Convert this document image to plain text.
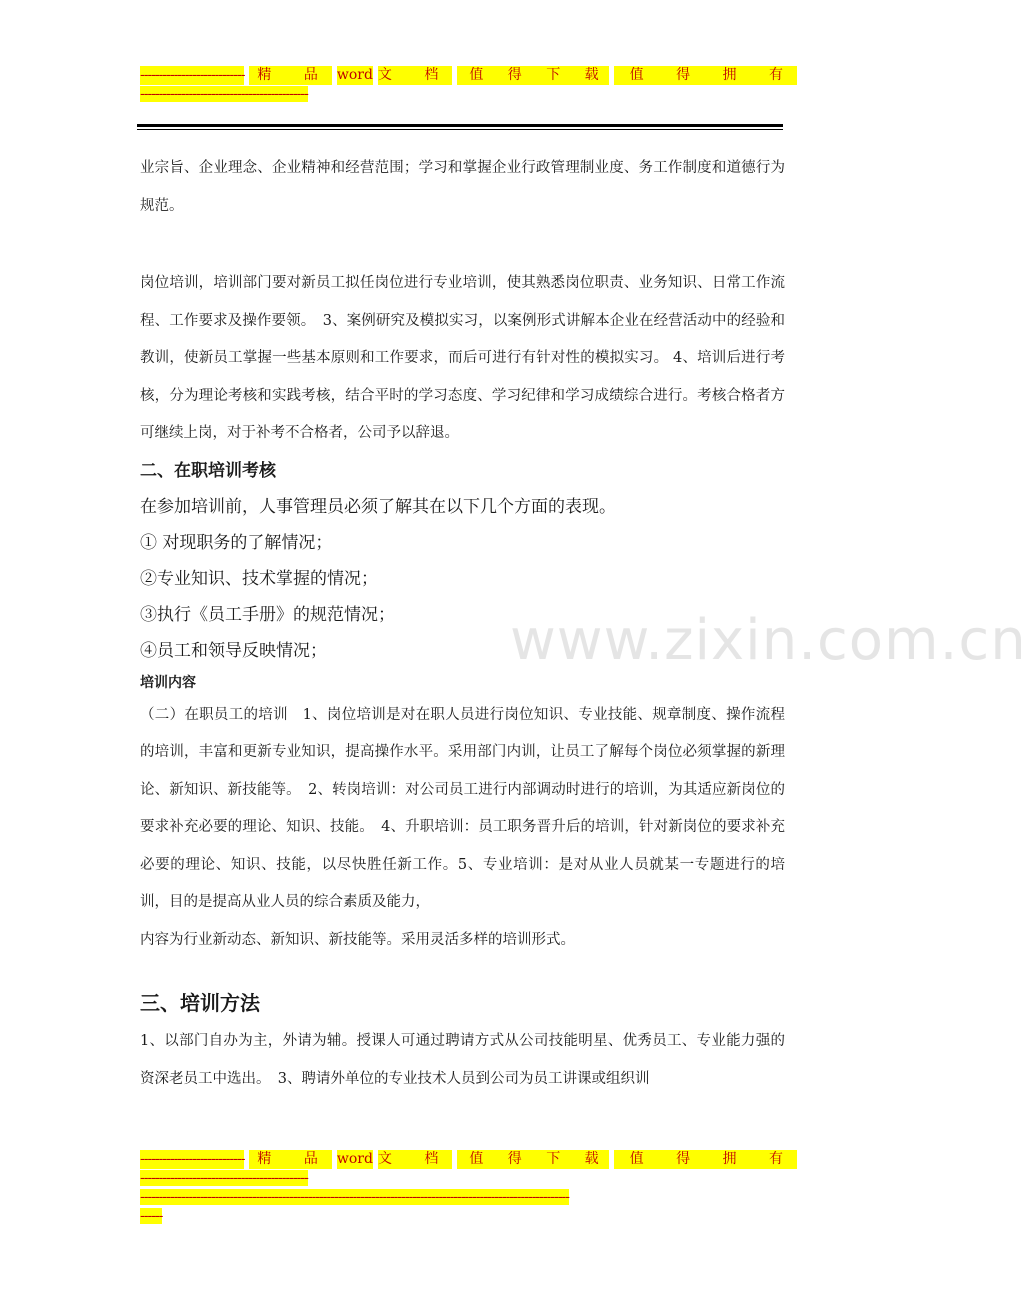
---------------------------- 精 品 word 文 档	值 得 下 载	值 得 拥 有
---------------------------------------------
www.zixin.com.cn

业宗旨、企业理念、企业精神和经营范围；学习和掌握企业行政管理制业度、务工作制度和道德行为规范。

岗位培训，培训部门要对新员工拟任岗位进行专业培训，使其熟悉岗位职责、业务知识、日常工作流程、工作要求及操作要领。　3、案例研究及模拟实习，以案例形式讲解本企业在经营活动中的经验和教训，使新员工掌握一些基本原则和工作要求，而后可进行有针对性的模拟实习。 4、培训后进行考核，分为理论考核和实践考核，结合平时的学习态度、学习纪律和学习成绩综合进行。考核合格者方可继续上岗，对于补考不合格者，公司予以辞退。

二、在职培训考核

在参加培训前，人事管理员必须了解其在以下几个方面的表现。

① 对现职务的了解情况；

②专业知识、技术掌握的情况；

③执行《员工手册》的规范情况；

④员工和领导反映情况；

培训内容

（二）在职员工的培训　1、岗位培训是对在职人员进行岗位知识、专业技能、规章制度、操作流程的培训，丰富和更新专业知识，提高操作水平。采用部门内训，让员工了解每个岗位必须掌握的新理论、新知识、新技能等。　2、转岗培训：对公司员工进行内部调动时进行的培训，为其适应新岗位的要求补充必要的理论、知识、技能。　4、升职培训：员工职务晋升后的培训，针对新岗位的要求补充必要的理论、知识、技能，以尽快胜任新工作。5、专业培训：是对从业人员就某一专题进行的培训，目的是提高从业人员的综合素质及能力，

内容为行业新动态、新知识、新技能等。采用灵活多样的培训形式。

三、培训方法

1、以部门自办为主，外请为辅。授课人可通过聘请方式从公司技能明星、优秀员工、专业能力强的资深老员工中选出。　3、聘请外单位的专业技术人员到公司为员工讲课或组织训

---------------------------- 精 品 word 文 档	值 得 下 载	值 得 拥 有
---------------------------------------------
-------------------------------------------------------------------------------------------------------------------
------
